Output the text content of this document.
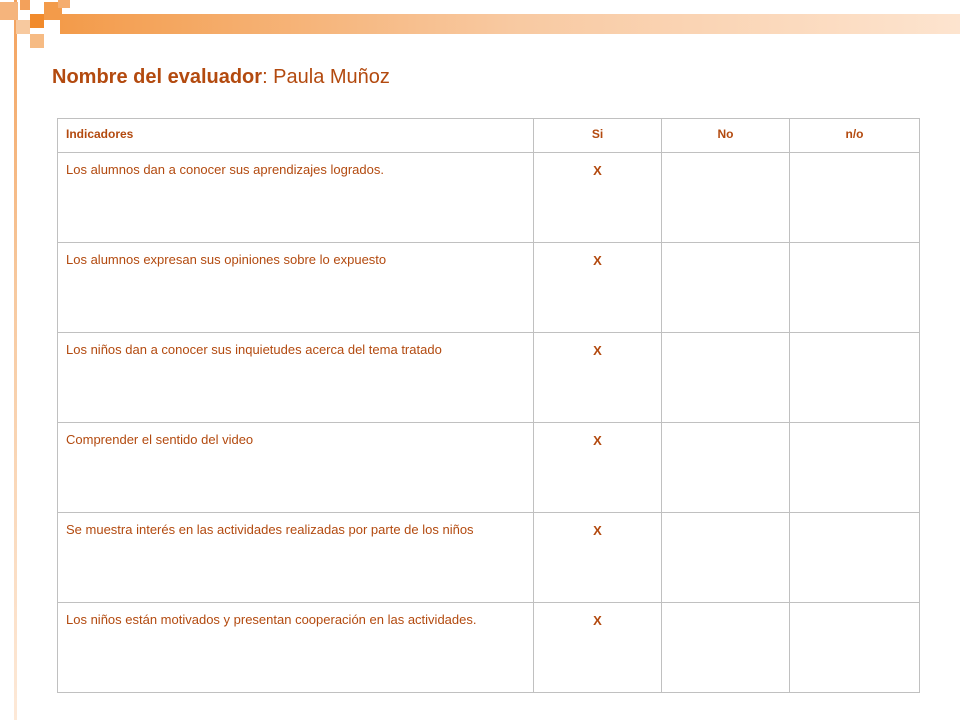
Nombre del evaluador: Paula Muñoz
Indicadores	Si	No	n/o

Los alumnos dan a conocer sus aprendizajes logrados.	X		

Los alumnos expresan sus opiniones sobre lo expuesto	X		

Los niños dan a conocer sus inquietudes acerca del tema tratado	X		

Comprender el sentido del video	X		

Se muestra interés en las actividades realizadas por parte de los niños	X		

Los niños están motivados y presentan cooperación en las actividades.	X		
